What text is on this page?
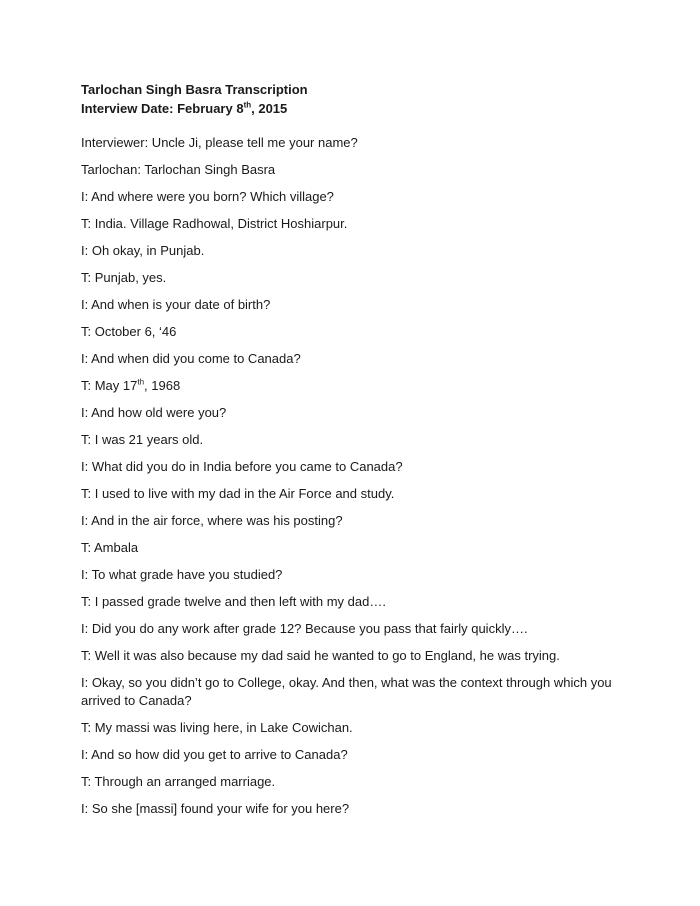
Tarlochan Singh Basra Transcription

Interview Date: February 8th, 2015

Interviewer: Uncle Ji, please tell me your name?

Tarlochan: Tarlochan Singh Basra

I: And where were you born? Which village?

T: India. Village Radhowal, District Hoshiarpur.

I: Oh okay, in Punjab.

T: Punjab, yes.

I: And when is your date of birth?

T: October 6, ‘46

I: And when did you come to Canada?

T: May 17th, 1968

I: And how old were you?

T: I was 21 years old.

I: What did you do in India before you came to Canada?

T: I used to live with my dad in the Air Force and study.

I: And in the air force, where was his posting?

T: Ambala

I: To what grade have you studied?

T: I passed grade twelve and then left with my dad….

I: Did you do any work after grade 12? Because you pass that fairly quickly….

T: Well it was also because my dad said he wanted to go to England, he was trying.

I: Okay, so you didn’t go to College, okay. And then, what was the context through which you arrived to Canada?

T: My massi was living here, in Lake Cowichan.

I: And so how did you get to arrive to Canada?

T: Through an arranged marriage.

I: So she [massi] found your wife for you here?
